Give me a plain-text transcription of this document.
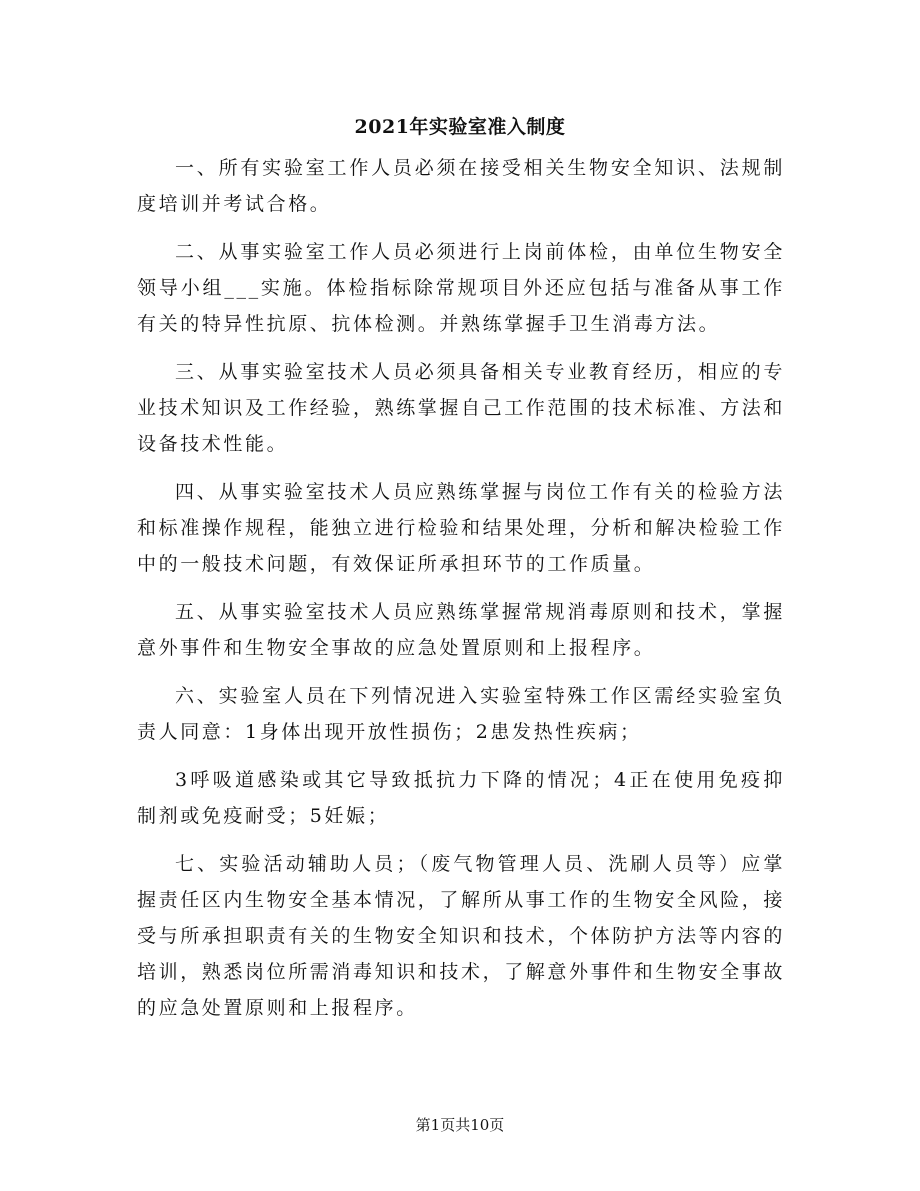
2021年实验室准入制度

一、所有实验室工作人员必须在接受相关生物安全知识、法规制度培训并考试合格。

二、从事实验室工作人员必须进行上岗前体检，由单位生物安全领导小组___实施。体检指标除常规项目外还应包括与准备从事工作有关的特异性抗原、抗体检测。并熟练掌握手卫生消毒方法。

三、从事实验室技术人员必须具备相关专业教育经历，相应的专业技术知识及工作经验，熟练掌握自己工作范围的技术标准、方法和设备技术性能。

四、从事实验室技术人员应熟练掌握与岗位工作有关的检验方法和标准操作规程，能独立进行检验和结果处理，分析和解决检验工作中的一般技术问题，有效保证所承担环节的工作质量。

五、从事实验室技术人员应熟练掌握常规消毒原则和技术，掌握意外事件和生物安全事故的应急处置原则和上报程序。

六、实验室人员在下列情况进入实验室特殊工作区需经实验室负责人同意：1身体出现开放性损伤；2患发热性疾病；

3呼吸道感染或其它导致抵抗力下降的情况；4正在使用免疫抑制剂或免疫耐受；5妊娠；

七、实验活动辅助人员；（废气物管理人员、洗刷人员等）应掌握责任区内生物安全基本情况，了解所从事工作的生物安全风险，接受与所承担职责有关的生物安全知识和技术，个体防护方法等内容的培训，熟悉岗位所需消毒知识和技术，了解意外事件和生物安全事故的应急处置原则和上报程序。

第1页共10页
